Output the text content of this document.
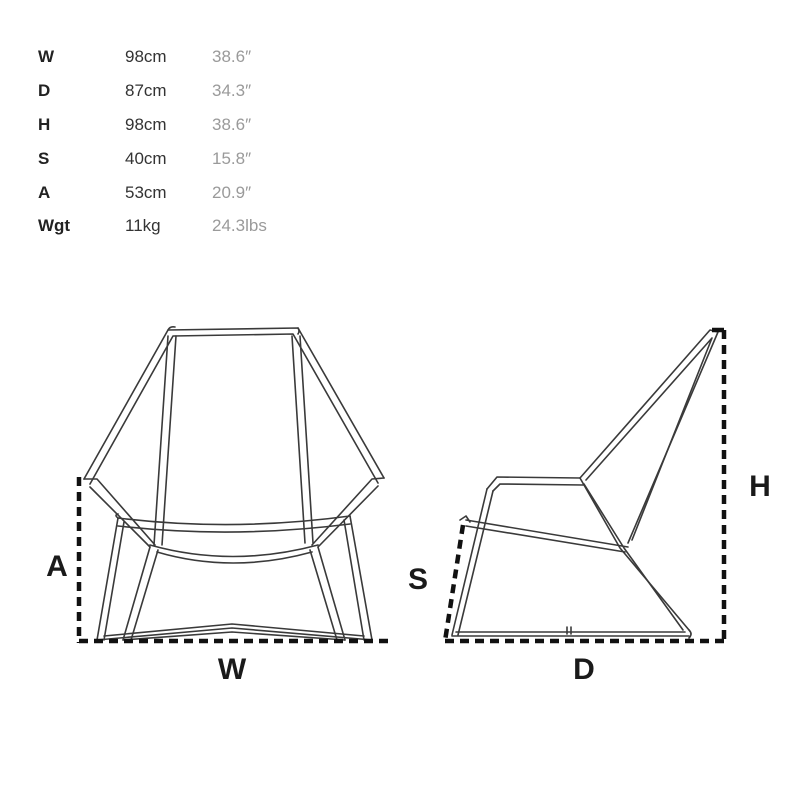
W	98cm	38.6″
D	87cm	34.3″
H	98cm	38.6″
S	40cm	15.8″
A	53cm	20.9″
Wgt	11kg	24.3lbs
A
W
S
D
H
